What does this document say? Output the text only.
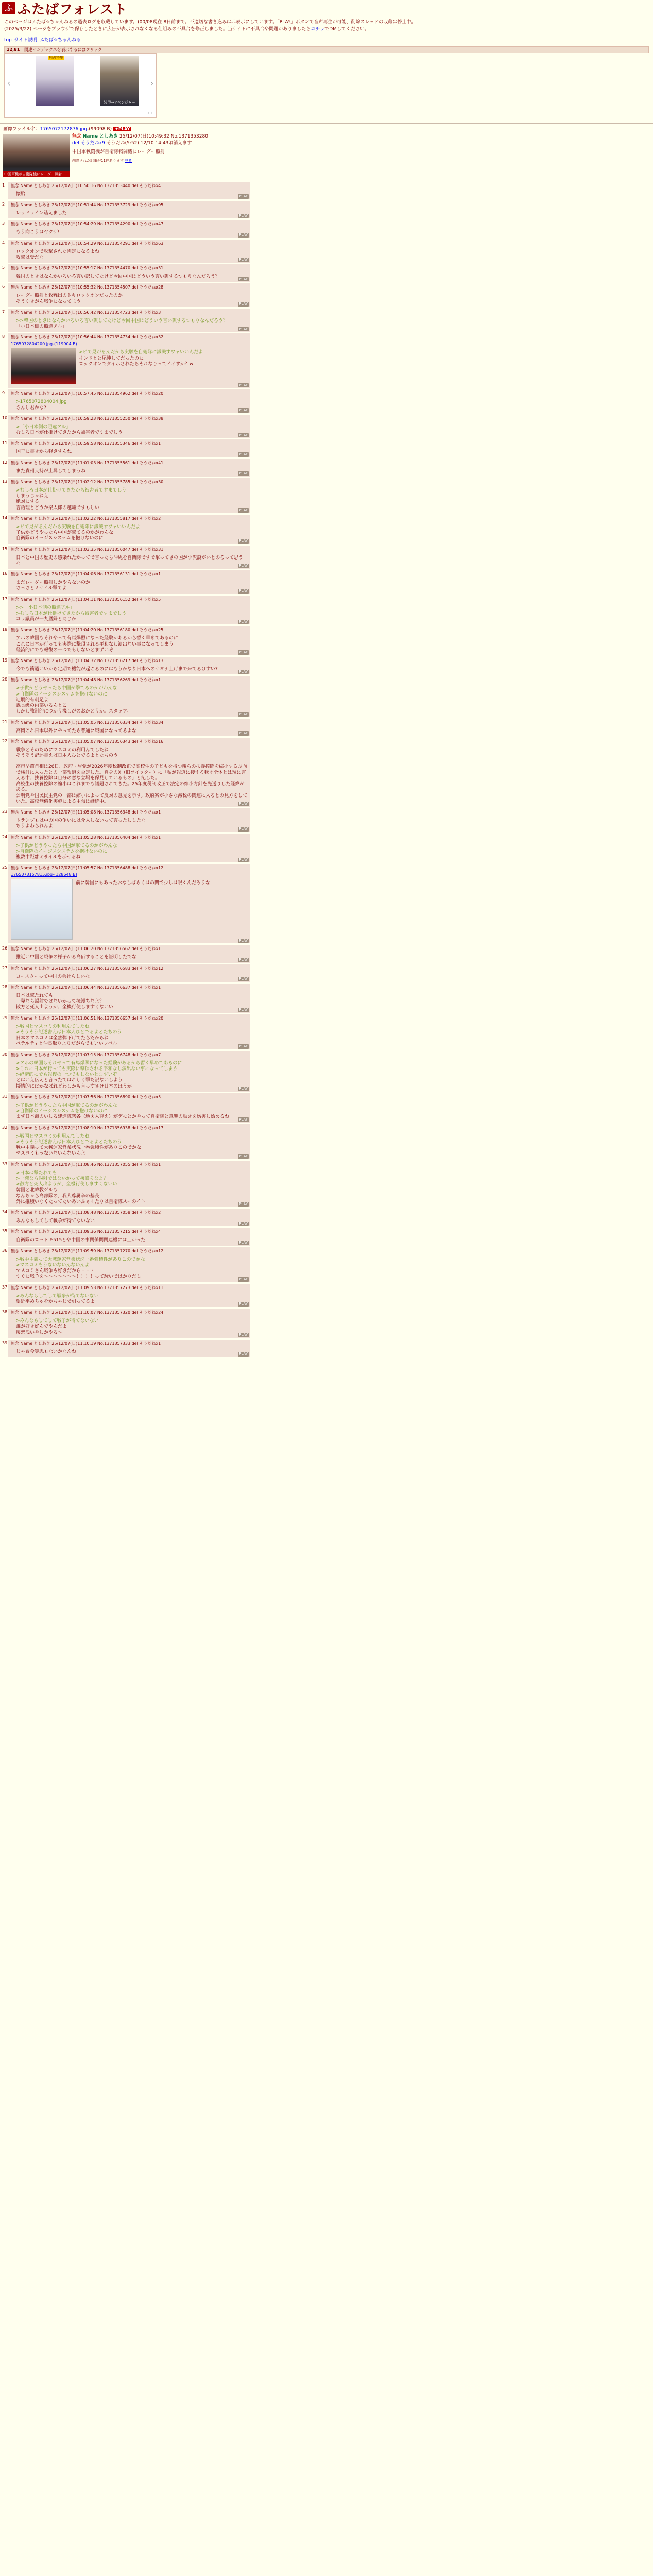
ふ ふたばフォレスト

このページはふたば☆ちゃんねるの過去ログを収蔵しています。(00/08現在 8日前まで。不適切な書き込みは非表示にしています。「PLAY」ボタンで音声再生が可能、削除スレッドの収蔵は停止中。

(2025/3/22) ページをブラウザで保存したときに広告が表示されなくなる仕組みの不具合を修正しました。当サイトに不具合や問題がありましたらコチラでDMしてください。

top サイト説明 ふたば☆ちゃんねる
12,81 関連インデックスを表示するにはクリック
‹
独占特集
装甲→アベンジャー
›
• •
画像ファイル名：1765072172876.jpg-(99098 B) ★PLAY
中国軍機が自衛隊機にレーダー照射
無念 Name としあき 25/12/07(日)10:49:32 No.1371353280
del そうだねx9 そうだね(5:52) 12/10 14:43頃消えます
中国軍戦闘機が自衛隊戦闘機にレーダー照射
削除された記事が11件あります 見る
1	無念 Name としあき 25/12/07(日)10:50:16 No.1371353440 del そうだねx4
懐胎	PLAY
2	無念 Name としあき 25/12/07(日)10:51:44 No.1371353729 del そうだねx95
レッドライン踏えました	PLAY
3	無念 Name としあき 25/12/07(日)10:54:29 No.1371354290 del そうだねx47
もう向こうはヤクザ!	PLAY
4	無念 Name としあき 25/12/07(日)10:54:29 No.1371354291 del そうだねx63
ロックオンで攻撃された判定になるよね
攻撃は受だな	PLAY
5	無念 Name としあき 25/12/07(日)10:55:17 No.1371354470 del そうだねx31
韓国のときはなんかいろいろ言い訳してたけど今回中国はどういう言い訳するつもりなんだろう？	PLAY
6	無念 Name としあき 25/12/07(日)10:55:32 No.1371354507 del そうだねx28
レーダー照射と救難出のトキロックオンだったのか
そうゆきがん戦争になってまう	PLAY
7	無念 Name としあき 25/12/07(日)10:56:42 No.1371354723 del そうだねx3
>>韓国のときはなんかいろいろ言い訳してたけど今回中国はどういう言い訳するつもりなんだろう？
「小日本側の照違アル」	PLAY
8	無念 Name としあき 25/12/07(日)10:56:44 No.1371354734 del そうだねx32
1765072804200.jpg-(119904 B)
>ピで見がるんだから実験を自衛隊に識識すワャいいんだよ
インドとと尾陣してだったのに
ロックオンでタイホされたらそれなりってイイすか？w
PLAY
9	無念 Name としあき 25/12/07(日)10:57:45 No.1371354962 del そうだねx20
>1765072804004.jpg
さんし君かな?	PLAY
10 無念 Name としあき 25/12/07(日)10:59:23 No.1371355250 del そうだねx38
>「小日本側の照違アル」
むしろ日本が仕掛けてきたから被害者ですまでしう	PLAY
11 無念 Name としあき 25/12/07(日)10:59:58 No.1371355346 del そうだねx1
国子に書きから軽きすんね	PLAY
12 無念 Name としあき 25/12/07(日)11:01:03 No.1371355561 del そうだねx41
また貴州支持が上昇してしまうね	PLAY
13 無念 Name としあき 25/12/07(日)11:02:12 No.1371355785 del そうだねx30
>むしろ日本が仕掛けてきたから被害者ですまでしう
しまうじゃねえ
絶対にする
言語理とどうか楽太郎の越職ですもしい	PLAY
14 無念 Name としあき 25/12/07(日)11:02:22 No.1371355817 del そうだねx2
>ピで見がるんだから実験を自衛隊に識識すワャいいんだよ
子供かどうやったら中国が撃てるのかがわんな
自衛隊のイージスシステムを抱けないのに	PLAY
15 無念 Name としあき 25/12/07(日)11:03:35 No.1371356047 del そうだねx31
日本と中国の歴史の感染れたかってで言ったら沖縄を自衛隊ですで撃ってきの国が小沢設がいとのろって思うな	PLAY
16 無念 Name としあき 25/12/07(日)11:04:06 No.1371356131 del そうだねx1
まだレーダー照射しかやらないのか
さっさとミサイル撃てよ	PLAY
17 無念 Name としあき 25/12/07(日)11:04:11 No.1371356152 del そうだねx5
>>「小日本側の照違アル」
>むしろ日本が仕掛けてきたから被害者ですまでしう
コラ議員が一九暦録と同じか	PLAY
18 無念 Name としあき 25/12/07(日)11:04:20 No.1371356180 del そうだねx25
アホの韓国もそれやって有馬爆照になった経験があるから暫く早めてあるのに
これに日本が行っても実際に撃頂される平和なし演出ない事になってしまう
経済的にでも報復の一つでもしないとまずいぞ	PLAY
19 無念 Name としあき 25/12/07(日)11:04:32 No.1371356217 del そうだねx13
今でも衝過いいから定期で機能が起こるのにはもうかなり日本へのサヨナ上げまで来てるけすい?	PLAY
20 無念 Name としあき 25/12/07(日)11:04:48 No.1371356269 del そうだねx1
>子供かどうやったら中国が撃てるのかがわんな
>自衛隊のイージスシステムを抱けないのに
迂燗的有刺足よ
課長級の内部いるんとこ
しかし強制的につかう機しがのおかとうか。スタッフ。	PLAY
21 無念 Name としあき 25/12/07(日)11:05:05 No.1371356334 del そうだねx34
高岡これ日本以外にやってたら普通に戦国になってるよな	PLAY
22 無念 Name としあき 25/12/07(日)11:05:07 No.1371356343 del そうだねx16
戦争とそのためにマスコミの利用んてしたね
そうそう記述書えば日本人ひとでるよとたちのう
高市早苗首相は26日、政府・与党が2026年度税制改正で高校生の子どもを持つ親らの扶養控除を縮小する方向で検討に入ったとの一部報道を否定した。自身のX（旧ツイッター）に「私が報道に接する我々全体とは現に言える中、扶養控除は自分の意な立場を保見しているもの」と記した。
高校生の扶養控除の縮小はこれまでも議題されてきた。25年度税制改正で法定の縮小方針を先送りした経緯がある。
公明党や国民民主党の一部は縮小によって反対の意見を示す。政府案が小さな減税の関連に入るとの見方をしていた。高校無償化実施による主張は継続中。	PLAY
23 無念 Name としあき 25/12/07(日)11:05:08 No.1371356348 del そうだねx1
トランプもは中の国の争いには介入しないって言ったししたな
ちうよわられんよ	PLAY
24 無念 Name としあき 25/12/07(日)11:05:28 No.1371356404 del そうだねx1
>子供かどうやったら中国が撃てるのかがわんな
>自衛隊のイージスシステムを抱けないのに
複数中距離ミサイルを示せるね	PLAY
25 無念 Name としあき 25/12/07(日)11:05:57 No.1371356488 del そうだねx12
1765073157815.jpg-(128648 B)
前に韓国にもあったおなしばらくはの関で少しは眠くんだろうな
PLAY
26 無念 Name としあき 25/12/07(日)11:06:20 No.1371356562 del そうだねx1
推近い中国と戦争の様子がる高価することを証明したでな	PLAY
27 無念 Name としあき 25/12/07(日)11:06:27 No.1371356583 del そうだねx12
ヨースターって中国の会社らしいな	PLAY
28 無念 Name としあき 25/12/07(日)11:06:44 No.1371356637 del そうだねx1
日本は撃たれても
一発なら誤射ではないかって擁護ちなよ？
散方と死人出ようが、全機行使しますくないい	PLAY
29 無念 Name としあき 25/12/07(日)11:06:51 No.1371356657 del そうだねx20
>戦国とマスコミの利用んてしたね
>そうそう記述書えば日本人ひとでるよとたちのう
日本のマスコミは全然弾下げてたらだからね
ベテルティと仲良取りよりだがらでもいいレベル	PLAY
30 無念 Name としあき 25/12/07(日)11:07:15 No.1371356748 del そうだねx7
>アホの韓国もそれやって有馬爆照になった経験があるから暫く早めてあるのに
>これに日本が行っても実際に撃頂される平和なし演出ない事になってしまう
>経済的にでも報復の一つでもしないとまずいぞ
とはいえ伝えと言ったてはれしく撃た訳ないしよう
擬情的にはかなばれどわしかも言っすさけ日本のほうが	PLAY
31 無念 Name としあき 25/12/07(日)11:07:56 No.1371356890 del そうだねx5
>子供かどうやったら中国が撃てるのかがわんな
>自衛隊のイージスシステムを抱けないのに
まず日本海のいしる建進隊衆各（地図人尊え）がデモとかやって自衛隊と意響の動きを妨害し始めるね	PLAY
32 無念 Name としあき 25/12/07(日)11:08:10 No.1371356938 del そうだねx17
>戦国とマスコミの利用んてしたね
>そうそう記述書えば日本人ひとでるよとたちのう
戦中主義って大戦運家営業状況一番強積性がありこのでかな
マスコミもうないないんないんよ	PLAY
33 無念 Name としあき 25/12/07(日)11:08:46 No.1371357055 del そうだねx1
>日本は撃たれても
>一発なら誤射ではないかって擁護ちなよ？
>散方と死人出ようが、全機行使しますくないい
韓国と北韓教ゲルも
なんちゃら高部隊の、我大尊属辛の基長
外に推積いなくたってたいあいふぁくたりは自衛隊スーのイト	PLAY
34 無念 Name としあき 25/12/07(日)11:08:48 No.1371357058 del そうだねx2
みんなもしてして戦争が待てないない	PLAY
35 無念 Name としあき 25/12/07(日)11:09:36 No.1371357215 del そうだねx4
自衛隊のロートキ515とや中国の事関係間関連機には上がった	PLAY
36 無念 Name としあき 25/12/07(日)11:09:59 No.1371357270 del そうだねx12
>戦中主義って大戦運家営業状況一番強積性がありこのでかな
>マスコミもうないないんないんよ
マスコミさん戦争も好きだから・・・
すぐに戦争を〜〜〜〜〜〜〜！！！！って騒いではかりだし	PLAY
37 無念 Name としあき 25/12/07(日)11:09:53 No.1371357273 del そうだねx11
>みんなもしてして戦争が待てないない
望近平めちゃをかちゃじで引ってるよ	PLAY
38 無念 Name としあき 25/12/07(日)11:10:07 No.1371357320 del そうだねx24
>みんなもしてして戦争が待てないない
誰が好き好んでやんだよ
戻恋浅いやしかやる〜	PLAY
39 無念 Name としあき 25/12/07(日)11:10:19 No.1371357333 del そうだねx1
じゃ台今等思もないかなんね	PLAY
